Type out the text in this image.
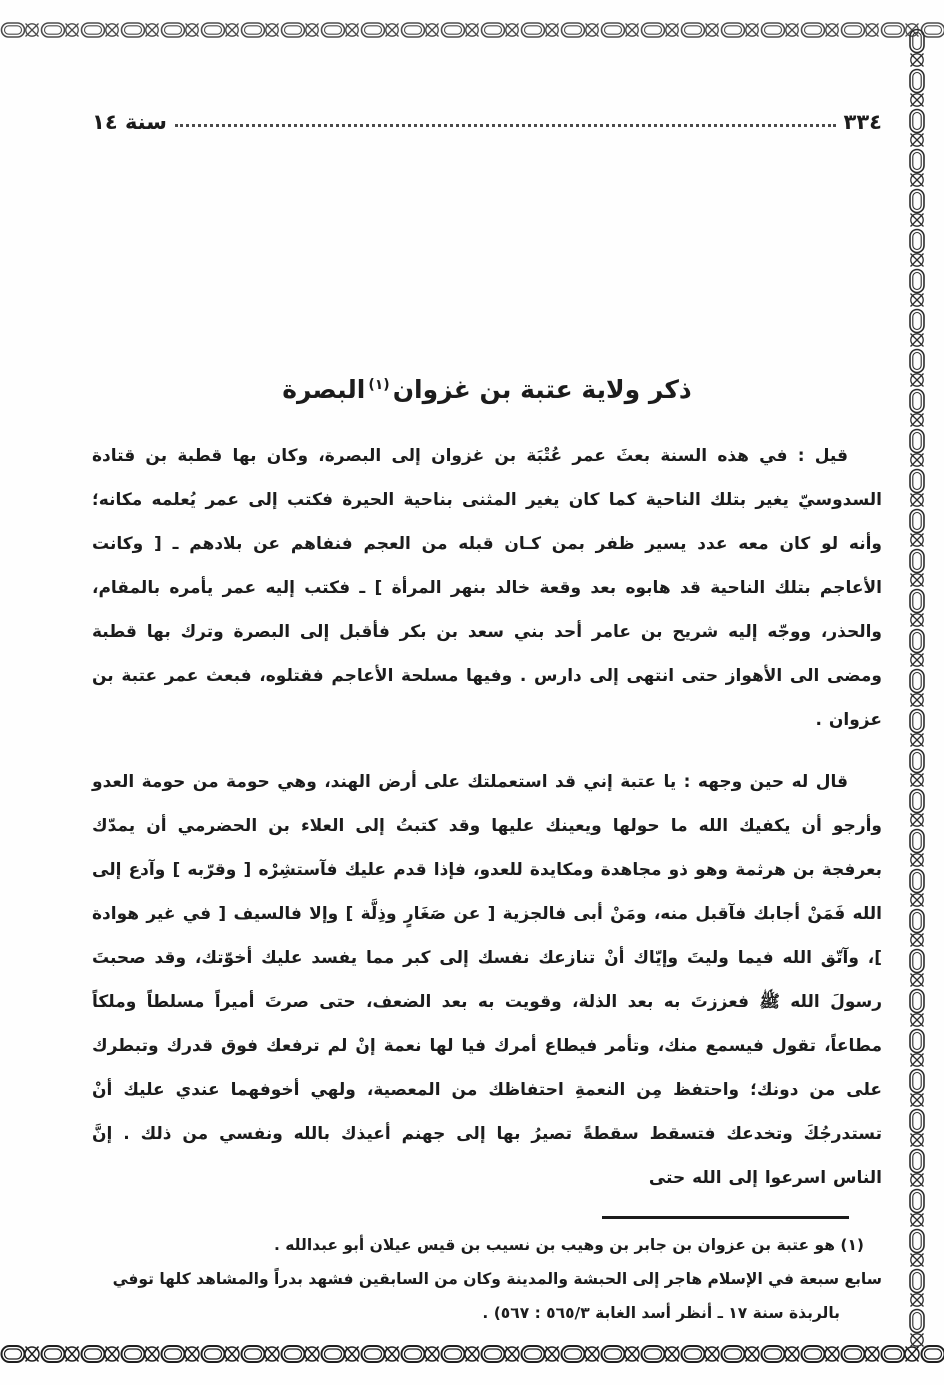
٣٣٤
سنة ١٤
ذكر ولاية عتبة بن غزوان$^{(١)}$البصرة

قيل : في هذه السنة بعثَ عمر عُتْبَة بن غزوان إلى البصرة، وكان بها قطبة بن قتادة السدوسيّ يغير بتلك الناحية كما كان يغير المثنى بناحية الحيرة فكتب إلى عمر يُعلمه مكانه؛ وأنه لو كان معه عدد يسير ظفر بمن كـان قبله من العجم فنفاهم عن بلادهم ـ [ وكانت الأعاجم بتلك الناحية قد هابوه بعد وقعة خالد بنهر المرأة ] ـ فكتب إليه عمر يأمره بالمقام، والحذر، ووجّه إليه شريح بن عامر أحد بني سعد بن بكر فأقبل إلى البصرة وترك بها قطبة ومضى الى الأهواز حتى انتهى إلى دارس . وفيها مسلحة الأعاجم فقتلوه، فبعث عمر عتبة بن عزوان .

قال له حين وجهه : يا عتبة إني قد استعملتك على أرض الهند، وهي حومة من حومة العدو وأرجو أن يكفيك الله ما حولها ويعينك عليها وقد كتبتُ إلى العلاء بن الحضرمي أن يمدّك بعرفجة بن هرثمة وهو ذو مجاهدة ومكايدة للعدو، فإذا قدم عليك فآستشِرْه [ وقرّبه ] وآدع إلى الله فَمَنْ أجابك فآقبل منه، ومَنْ أبى فالجزية [ عن صَغَارٍ وذِلَّة ] وإلا فالسيف [ في غير هوادة ]، وآتّق الله فيما وليتَ وإيّاك أنْ تنازعك نفسك إلى كبر مما يفسد عليك أخوّتك، وقد صحبتَ رسولَ الله ﷺ فعززتَ به بعد الذلة، وقويت به بعد الضعف، حتى صرتَ أميراً مسلطاً وملكاً مطاعاً، تقول فيسمع منك، وتأمر فيطاع أمرك فيا لها نعمة إنْ لم ترفعك فوق قدرك وتبطرك على من دونك؛ واحتفظ مِن النعمةِ احتفاظك من المعصية، ولهي أخوفهما عندي عليك أنْ تستدرجُكَ وتخدعك فتسقط سقطةً تصيرُ بها إلى جهنم أعيذك بالله ونفسي من ذلك . إنَّ الناس اسرعوا إلى الله حتى

(١) هو عتبة بن عزوان بن جابر بن وهيب بن نسيب بن قيس عيلان أبو عبدالله .
سابع سبعة في الإسلام هاجر إلى الحبشة والمدينة وكان من السابقين فشهد بدراً والمشاهد كلها توفي
بالربذة سنة ١٧ ـ أنظر أسد الغابة ٥٦٥/٣ : ٥٦٧) .
